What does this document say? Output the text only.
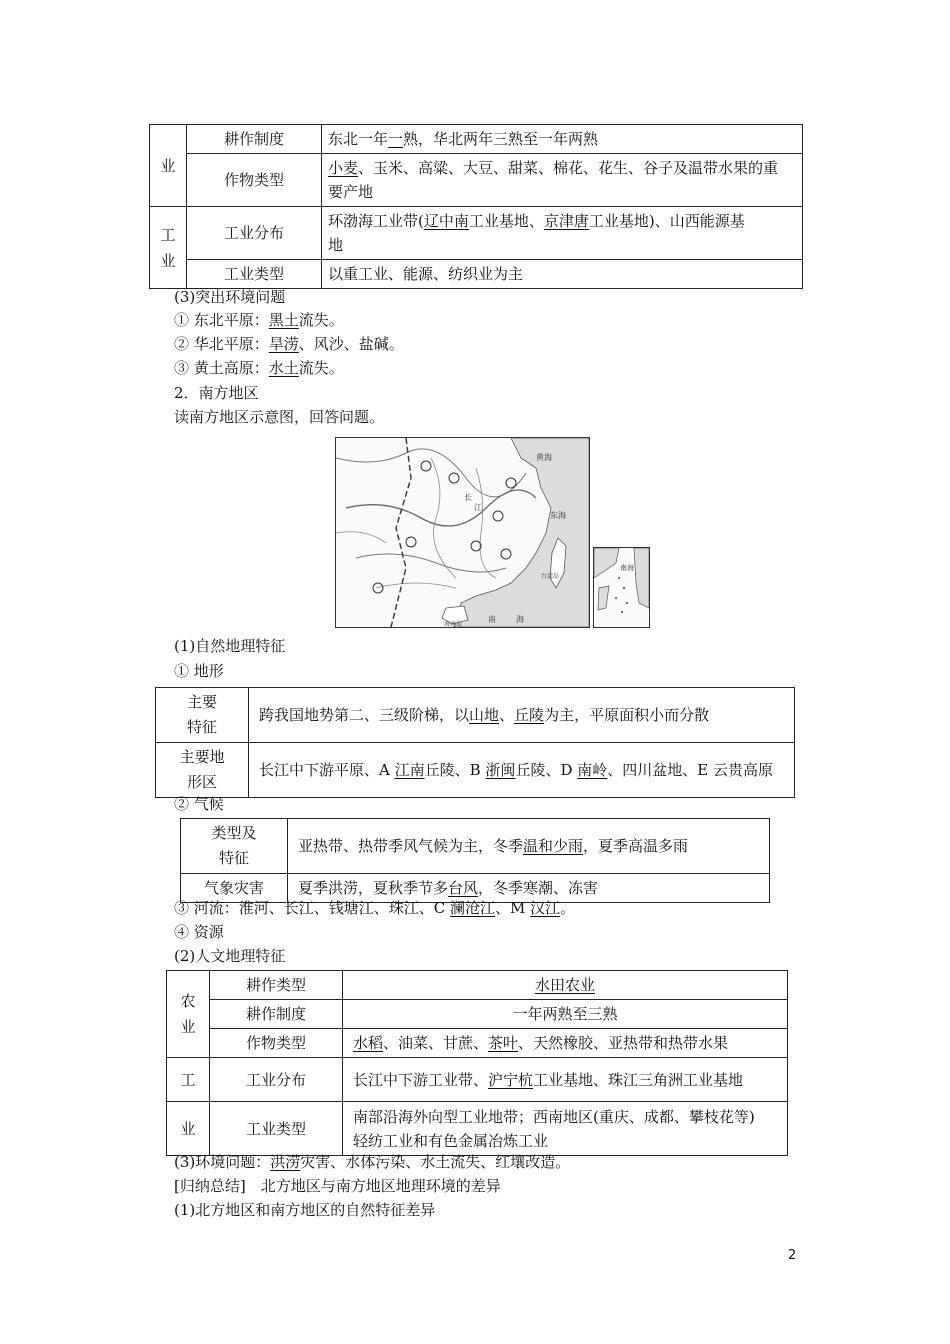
业	耕作制度	东北一年一熟，华北两年三熟至一年两熟
	作物类型	小麦、玉米、高粱、大豆、甜菜、棉花、花生、谷子及温带水果的重
要产地
工业	工业分布	环渤海工业带(辽中南工业基地、京津唐工业基地)、山西能源基
地
	工业类型	以重工业、能源、纺织业为主
(3)突出环境问题
① 东北平原：黑土流失。
② 华北平原：旱涝、风沙、盐碱。
③ 黄土高原：水土流失。
2．南方地区
读南方地区示意图，回答问题。
黄海
东海
长
江
南	海
台湾岛
海南岛
南海
(1)自然地理特征
① 地形
主要特征	跨我国地势第二、三级阶梯，以山地、丘陵为主，平原面积小而分散
主要地形区	长江中下游平原、A 江南丘陵、B 浙闽丘陵、D 南岭、四川盆地、E 云贵高原
② 气候
类型及特征	亚热带、热带季风气候为主，冬季温和少雨，夏季高温多雨
气象灾害	夏季洪涝，夏秋季节多台风，冬季寒潮、冻害
③ 河流：淮河、长江、钱塘江、珠江、C 澜沧江、M 汉江。
④ 资源
(2)人文地理特征
农业	耕作类型	水田农业
	耕作制度	一年两熟至三熟
	作物类型	水稻、油菜、甘蔗、茶叶、天然橡胶、亚热带和热带水果
工	工业分布	长江中下游工业带、沪宁杭工业基地、珠江三角洲工业基地
业	工业类型	南部沿海外向型工业地带；西南地区(重庆、成都、攀枝花等)
轻纺工业和有色金属冶炼工业
(3)环境问题：洪涝灾害、水体污染、水土流失、红壤改造。
[归纳总结]　北方地区与南方地区地理环境的差异
(1)北方地区和南方地区的自然特征差异
2
